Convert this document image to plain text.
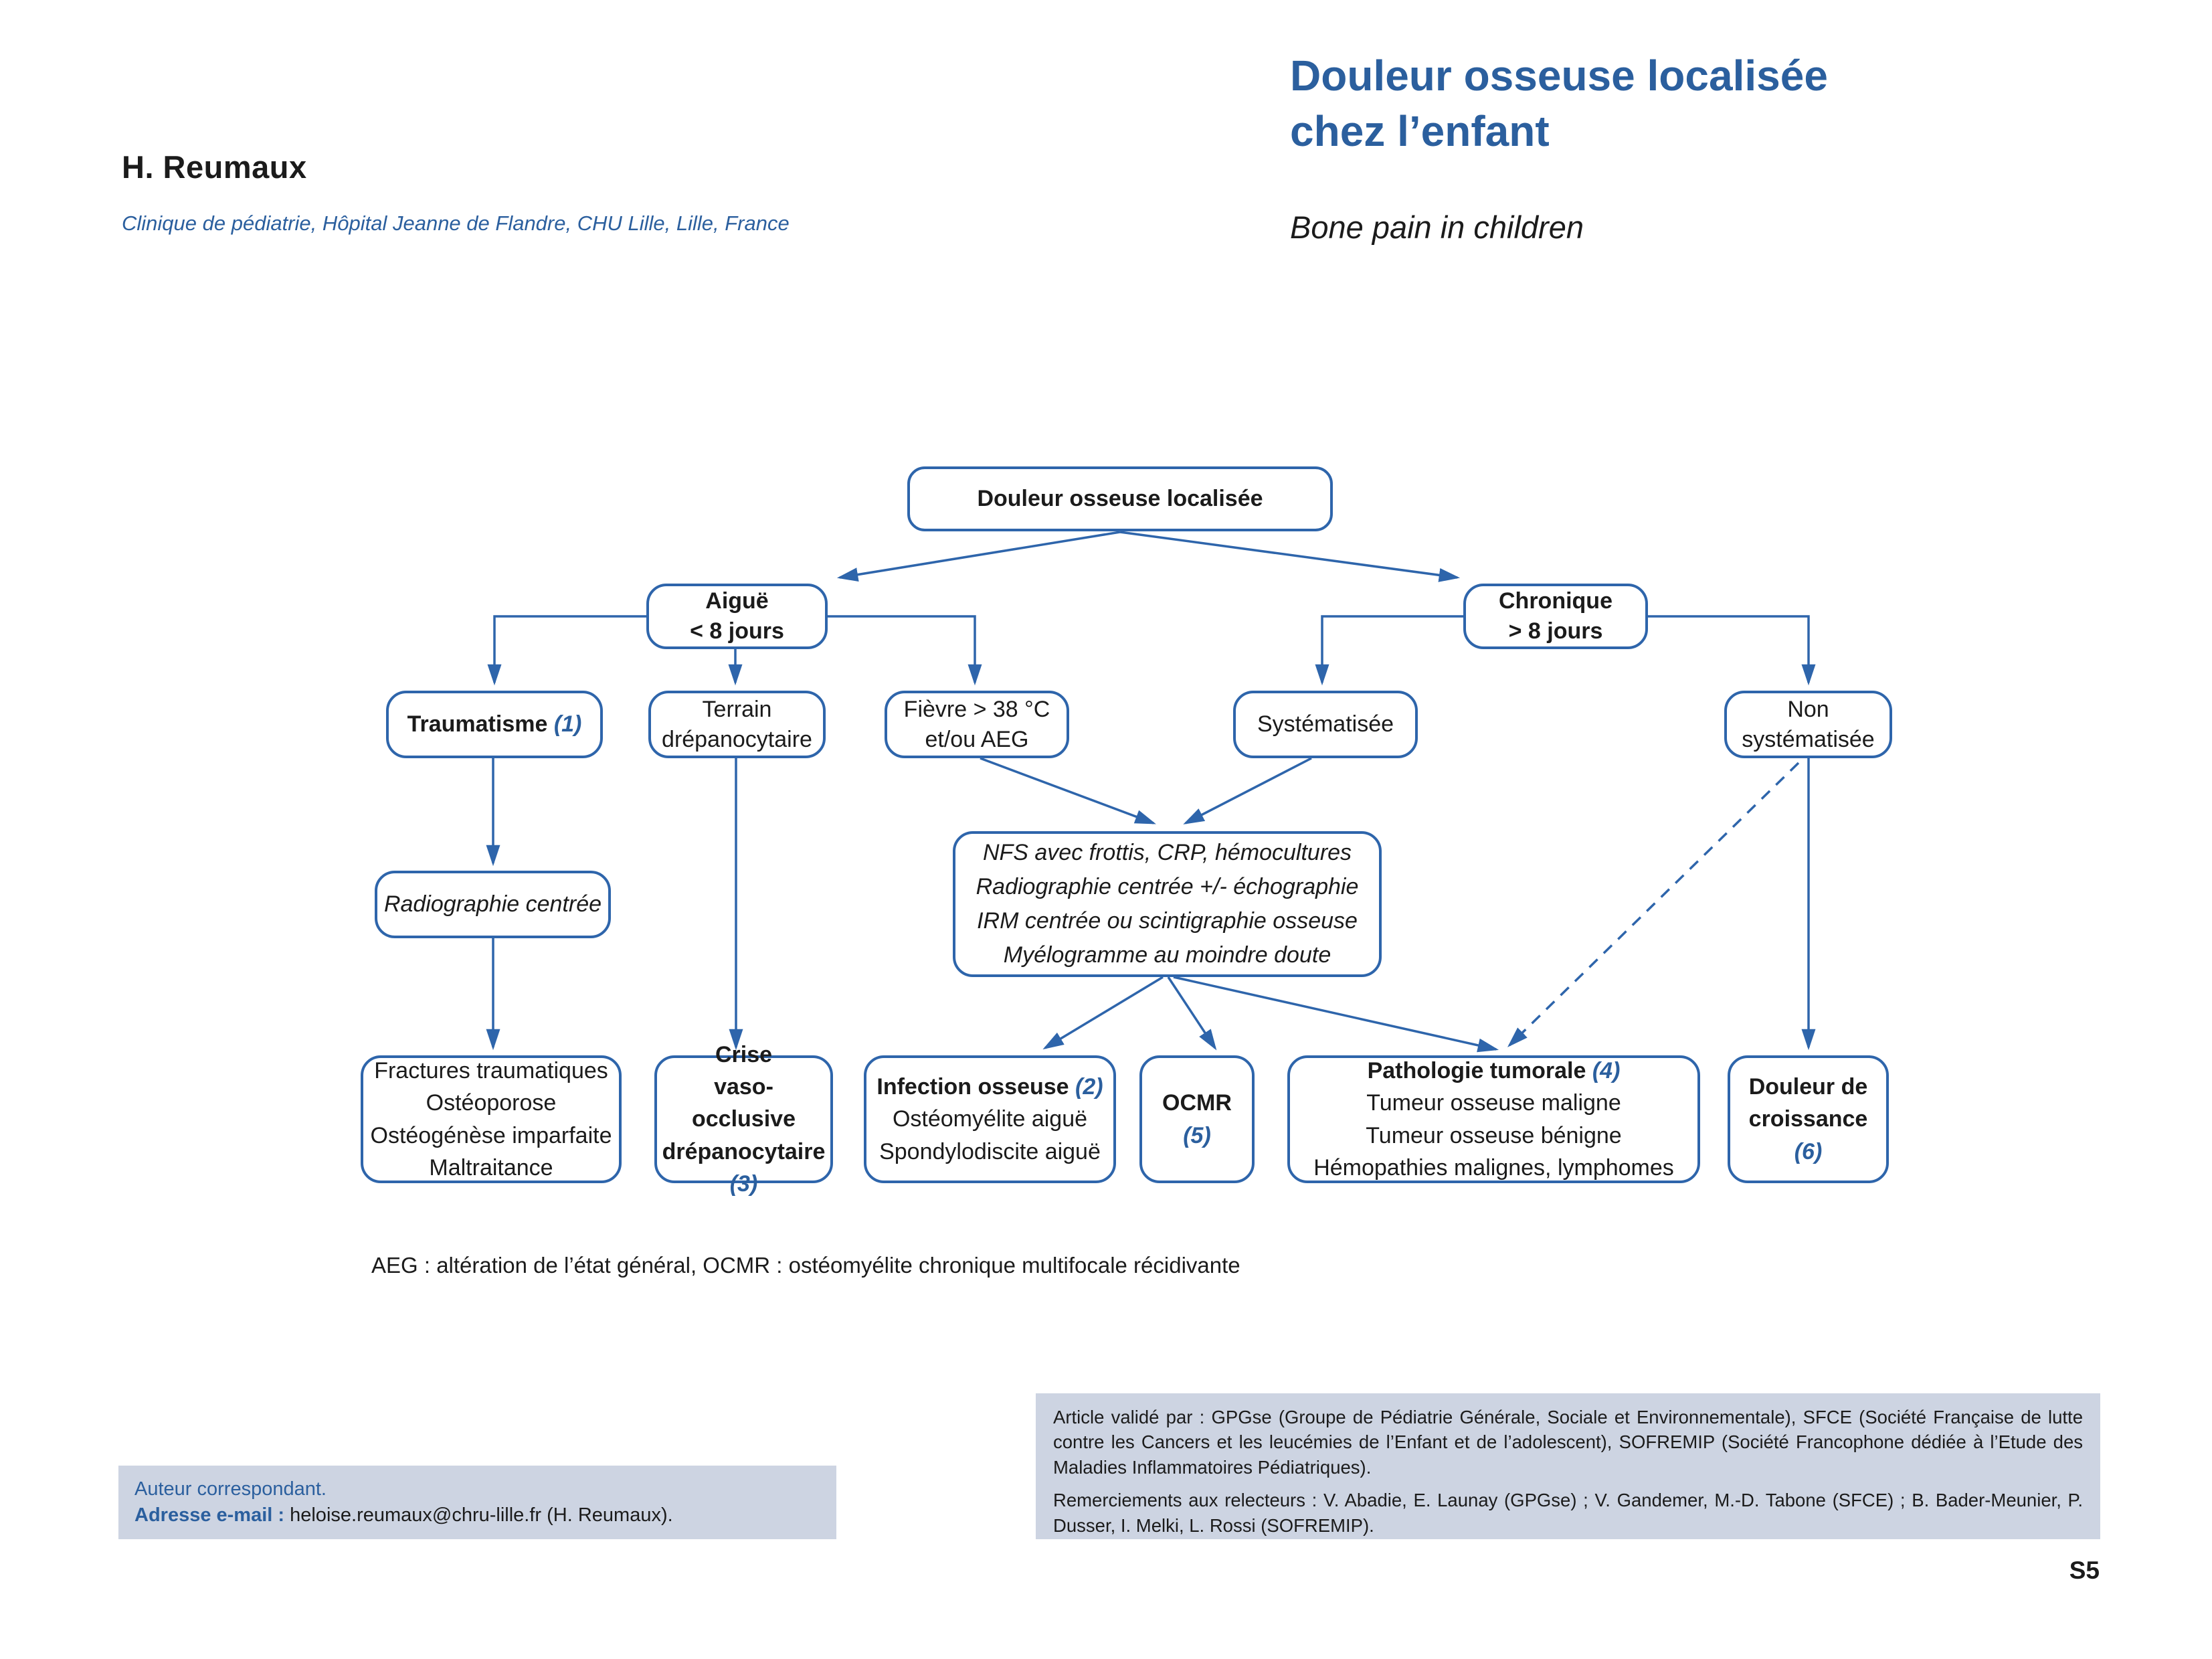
H. Reumaux
Clinique de pédiatrie, Hôpital Jeanne de Flandre, CHU Lille, Lille, France
Douleur osseuse localisée
chez l’enfant
Bone pain in children
Douleur osseuse localisée
Aiguë
< 8 jours
Chronique
> 8 jours
Traumatisme (1)
Terrain
drépanocytaire
Fièvre > 38 °C
et/ou AEG
Systématisée
Non
systématisée
Radiographie centrée
NFS avec frottis, CRP, hémocultures
Radiographie centrée +/- échographie
IRM centrée ou scintigraphie osseuse
Myélogramme au moindre doute
Fractures traumatiques
Ostéoporose
Ostéogénèse imparfaite
Maltraitance
Crise
vaso-occlusive
drépanocytaire
(3)
Infection osseuse (2)
Ostéomyélite aiguë
Spondylodiscite aiguë
OCMR
(5)
Pathologie tumorale (4)
Tumeur osseuse maligne
Tumeur osseuse bénigne
Hémopathies malignes, lymphomes
Douleur de
croissance (6)
AEG : altération de l’état général, OCMR : ostéomyélite chronique multifocale récidivante
Auteur correspondant.
Adresse e-mail : heloise.reumaux@chru-lille.fr (H. Reumaux).

Article validé par : GPGse (Groupe de Pédiatrie Générale, Sociale et Environnementale), SFCE (Société Française de lutte contre les Cancers et les leucémies de l’Enfant et de l’adolescent), SOFREMIP (Société Francophone dédiée à l’Etude des Maladies Inflammatoires Pédiatriques).

Remerciements aux relecteurs : V. Abadie, E. Launay (GPGse) ; V. Gandemer, M.-D. Tabone (SFCE) ; B. Bader-Meunier, P. Dusser, I. Melki, L. Rossi (SOFREMIP).

S5
